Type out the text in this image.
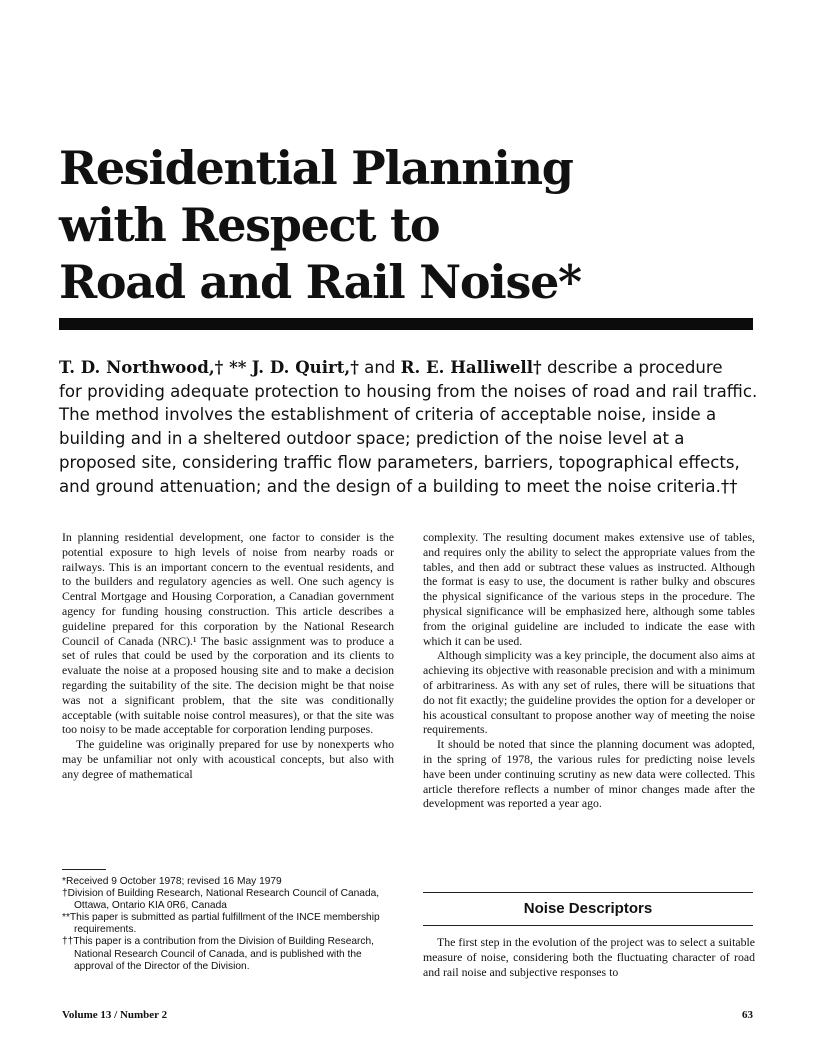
Residential Planning
with Respect to
Road and Rail Noise*
T. D. Northwood,† ** J. D. Quirt,† and R. E. Halliwell† describe a procedure
for providing adequate protection to housing from the noises of road and rail traffic.
The method involves the establishment of criteria of acceptable noise, inside a
building and in a sheltered outdoor space; prediction of the noise level at a
proposed site, considering traffic flow parameters, barriers, topographical effects,
and ground attenuation; and the design of a building to meet the noise criteria.††

In planning residential development, one factor to consider is the potential exposure to high levels of noise from nearby roads or railways. This is an important concern to the eventual residents, and to the builders and regulatory agencies as well. One such agency is Central Mortgage and Housing Corporation, a Canadian government agency for funding housing construction. This article describes a guideline prepared for this corporation by the National Research Council of Canada (NRC).¹ The basic assignment was to produce a set of rules that could be used by the corporation and its clients to evaluate the noise at a proposed housing site and to make a decision regarding the suitability of the site. The decision might be that noise was not a significant problem, that the site was conditionally acceptable (with suitable noise control measures), or that the site was too noisy to be made acceptable for corporation lending purposes.

The guideline was originally prepared for use by nonexperts who may be unfamiliar not only with acoustical concepts, but also with any degree of mathematical

*Received 9 October 1978; revised 16 May 1979

†Division of Building Research, National Research Council of Canada, Ottawa, Ontario KIA 0R6, Canada

**This paper is submitted as partial fulfillment of the INCE membership requirements.

††This paper is a contribution from the Division of Building Research, National Research Council of Canada, and is published with the approval of the Director of the Division.

complexity. The resulting document makes extensive use of tables, and requires only the ability to select the appropriate values from the tables, and then add or subtract these values as instructed. Although the format is easy to use, the document is rather bulky and obscures the physical significance of the various steps in the procedure. The physical significance will be emphasized here, although some tables from the original guideline are included to indicate the ease with which it can be used.

Although simplicity was a key principle, the document also aims at achieving its objective with reasonable precision and with a minimum of arbitrariness. As with any set of rules, there will be situations that do not fit exactly; the guideline provides the option for a developer or his acoustical consultant to propose another way of meeting the noise requirements.

It should be noted that since the planning document was adopted, in the spring of 1978, the various rules for predicting noise levels have been under continuing scrutiny as new data were collected. This article therefore reflects a number of minor changes made after the development was reported a year ago.

Noise Descriptors

The first step in the evolution of the project was to select a suitable measure of noise, considering both the fluctuating character of road and rail noise and subjective responses to

Volume 13 / Number 2	63
